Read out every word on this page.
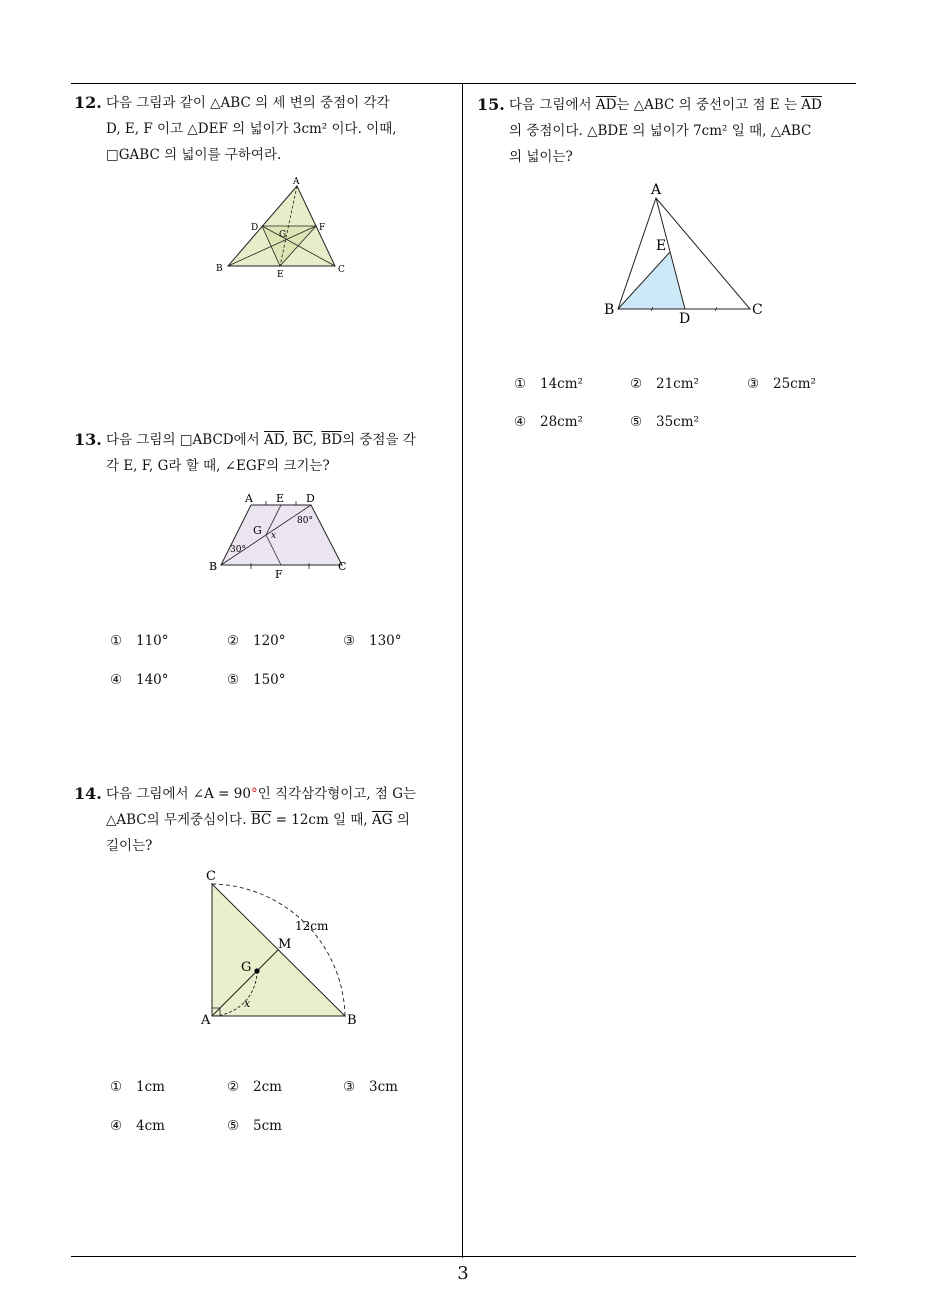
12. 다음 그림과 같이 △ABC 의 세 변의 중점이 각각
D, E, F 이고 △DEF 의 넓이가 3cm² 이다. 이때,
□GABC 의 넓이를 구하여라.
A
D	F
G
B
E	C
13. 다음 그림의 □ABCD에서 $\overline{AD}$, $\overline{BC}$, $\overline{BD}$의 중점을 각
각 E, F, G라 할 때, ∠EGF의 크기는?
A E D
80°
G x
30°
B
F
C
① 110°	② 120°	③ 130°
④ 140°	⑤ 150°
14. 다음 그림에서 ∠A = 90°인 직각삼각형이고, 점 G는
△ABC의 무게중심이다. $\overline{BC} = 12cm$ 일 때, $\overline{AG}$ 의
길이는?
C
12cm
M
G
x
A	B
① 1cm	② 2cm	③ 3cm
④ 4cm	⑤ 5cm
15. 다음 그림에서 $\overline{AD}$는 △ABC 의 중선이고 점 E 는 $\overline{AD}$
의 중점이다. △BDE 의 넓이가 7cm² 일 때, △ABC
의 넓이는?
A
E
B
D
C
① 14cm²	② 21cm²	③ 25cm²
④ 28cm²	⑤ 35cm²
3
